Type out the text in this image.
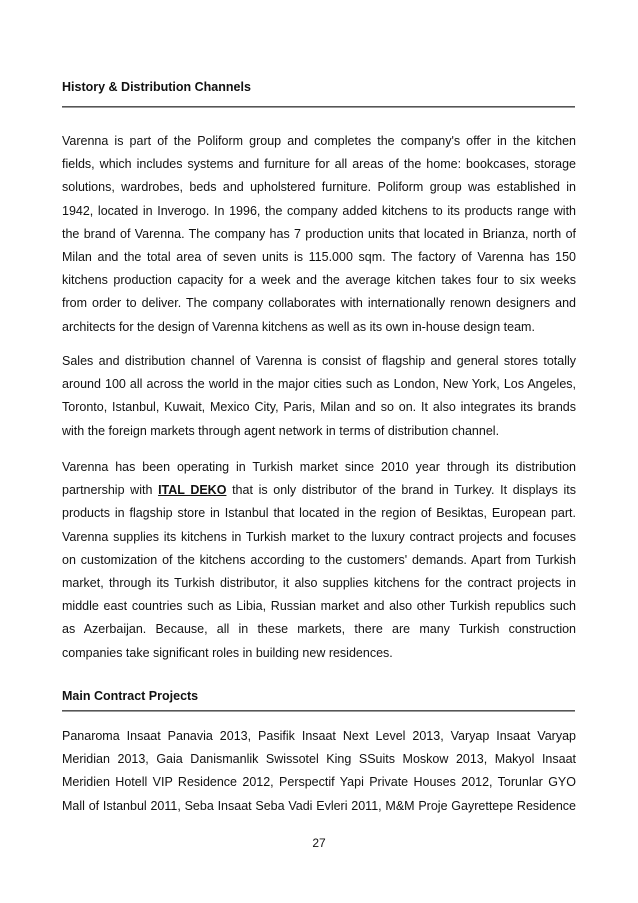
History & Distribution Channels

Varenna is part of the Poliform group and completes the company's offer in the kitchen
fields, which includes systems and furniture for all areas of the home: bookcases, storage
solutions, wardrobes, beds and upholstered furniture. Poliform group was established in
1942, located in Inverogo. In 1996, the company added kitchens to its products range with
the brand of Varenna. The company has 7 production units that located in Brianza, north of
Milan and the total area of seven units is 115.000 sqm. The factory of Varenna has 150
kitchens production capacity for a week and the average kitchen takes four to six weeks
from order to deliver. The company collaborates with internationally renown designers and
architects for the design of Varenna kitchens as well as its own in-house design team.

Sales and distribution channel of Varenna is consist of flagship and general stores totally
around 100 all across the world in the major cities such as London, New York, Los Angeles,
Toronto, Istanbul, Kuwait, Mexico City, Paris, Milan and so on. It also integrates its brands
with the foreign markets through agent network in terms of distribution channel.

Varenna has been operating in Turkish market since 2010 year through its distribution
partnership with ITAL DEKO that is only distributor of the brand in Turkey. It displays its
products in flagship store in Istanbul that located in the region of Besiktas, European part.
Varenna supplies its kitchens in Turkish market to the luxury contract projects and focuses
on customization of the kitchens according to the customers' demands. Apart from Turkish
market, through its Turkish distributor, it also supplies kitchens for the contract projects in
middle east countries such as Libia, Russian market and also other Turkish republics such
as Azerbaijan. Because, all in these markets, there are many Turkish construction
companies take significant roles in building new residences.

Main Contract Projects

Panaroma Insaat Panavia 2013, Pasifik Insaat Next Level 2013, Varyap Insaat Varyap
Meridian 2013, Gaia Danismanlik Swissotel King SSuits Moskow 2013, Makyol Insaat
Meridien Hotell VIP Residence 2012, Perspectif Yapi Private Houses 2012, Torunlar GYO
Mall of Istanbul 2011, Seba Insaat Seba Vadi Evleri 2011, M&M Proje Gayrettepe Residence

27
